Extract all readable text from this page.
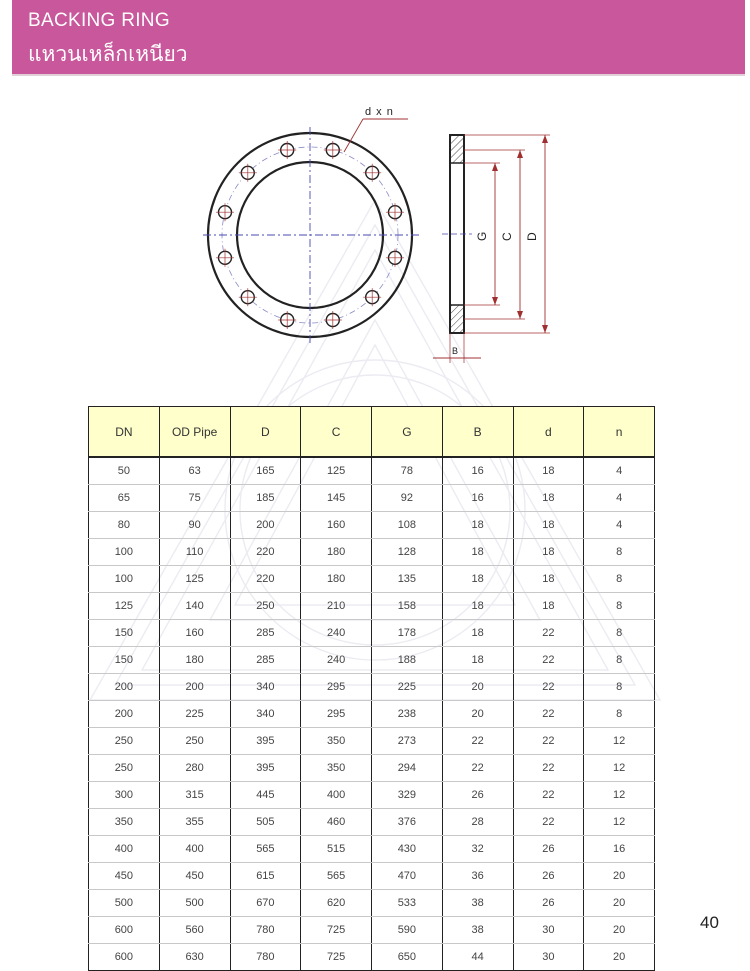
BACKING RING
แหวนเหล็กเหนียว
d x n
G C D
B
DN	OD Pipe	D	C	G	B	d	n
50	63	165	125	78	16	18	4
65	75	185	145	92	16	18	4
80	90	200	160	108	18	18	4
100	110	220	180	128	18	18	8
100	125	220	180	135	18	18	8
125	140	250	210	158	18	18	8
150	160	285	240	178	18	22	8
150	180	285	240	188	18	22	8
200	200	340	295	225	20	22	8
200	225	340	295	238	20	22	8
250	250	395	350	273	22	22	12
250	280	395	350	294	22	22	12
300	315	445	400	329	26	22	12
350	355	505	460	376	28	22	12
400	400	565	515	430	32	26	16
450	450	615	565	470	36	26	20
500	500	670	620	533	38	26	20
600	560	780	725	590	38	30	20
600	630	780	725	650	44	30	20
40
